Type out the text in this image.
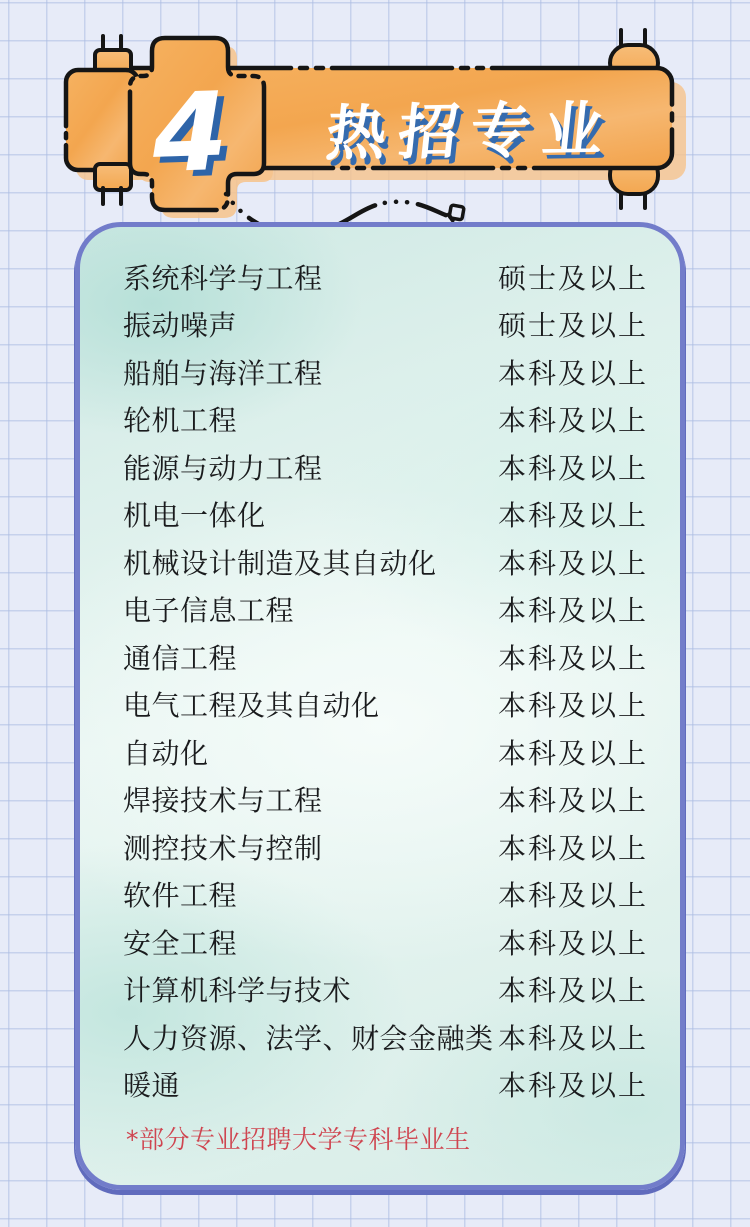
4	热招专业
系统科学与工程	硕士及以上
振动噪声	硕士及以上
船舶与海洋工程	本科及以上
轮机工程	本科及以上
能源与动力工程	本科及以上
机电一体化	本科及以上
机械设计制造及其自动化	本科及以上
电子信息工程	本科及以上
通信工程	本科及以上
电气工程及其自动化	本科及以上
自动化	本科及以上
焊接技术与工程	本科及以上
测控技术与控制	本科及以上
软件工程	本科及以上
安全工程	本科及以上
计算机科学与技术	本科及以上
人力资源、法学、财会金融类 本科及以上
暖通	本科及以上

*部分专业招聘大学专科毕业生
